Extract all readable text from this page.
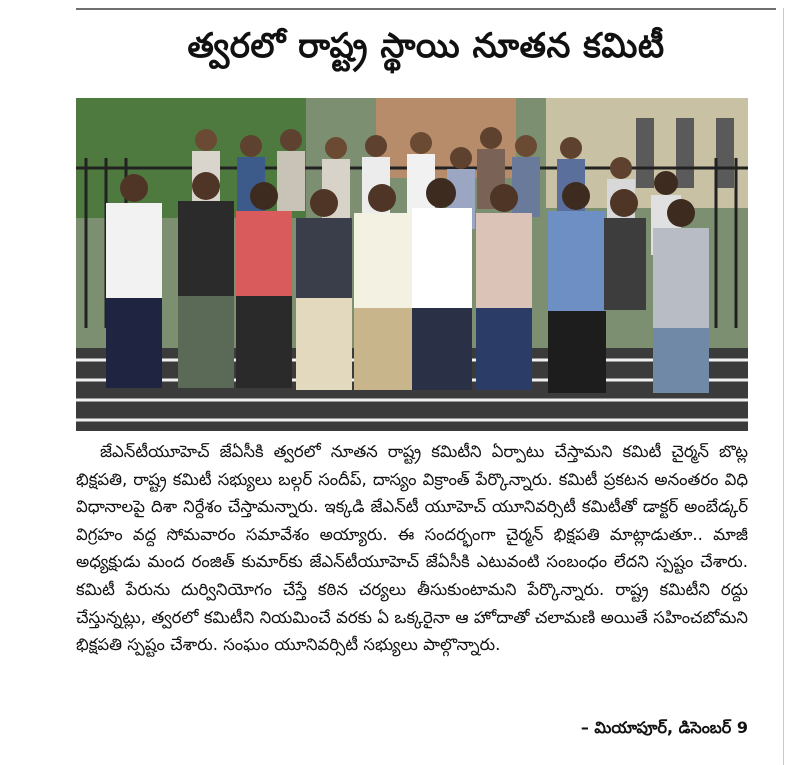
త్వరలో రాష్ట్ర స్థాయి నూతన కమిటీ

జేఎన్‌టీయూహెచ్‌ జేఏసీకి త్వరలో నూతన రాష్ట్ర కమిటీని ఏర్పాటు చేస్తామని కమిటీ చైర్మన్‌ బొట్ల భిక్షపతి, రాష్ట్ర కమిటీ సభ్యులు బల్గర్‌ సందీప్‌, దాస్యం విక్రాంత్‌ పేర్కొన్నారు. కమిటీ ప్రకటన అనంతరం విధి విధానాలపై దిశా నిర్దేశం చేస్తామన్నారు. ఇక్కడి జేఎన్‌టీ యూహెచ్‌ యూనివర్సిటీ కమిటీతో డాక్టర్‌ అంబేడ్కర్‌ విగ్రహం వద్ద సోమవారం సమావేశం అయ్యారు. ఈ సందర్భంగా చైర్మన్‌ భిక్షపతి మాట్లాడుతూ.. మాజీ అధ్యక్షుడు మంద రంజిత్‌ కుమార్‌కు జేఎన్‌టీయూహెచ్‌ జేఏసీకి ఎటువంటి సంబంధం లేదని స్పష్టం చేశారు. కమిటీ పేరును దుర్వినియోగం చేస్తే కఠిన చర్యలు తీసుకుంటామని పేర్కొన్నారు. రాష్ట్ర కమిటీని రద్దు చేస్తున్నట్లు, త్వరలో కమిటీని నియమించే వరకు ఏ ఒక్కరైనా ఆ హోదాతో చలామణి అయితే సహించబోమని భిక్షపతి స్పష్టం చేశారు. సంఘం యూనివర్సిటీ సభ్యులు పాల్గొన్నారు.

– మియాపూర్‌, డిసెంబర్‌ 9
